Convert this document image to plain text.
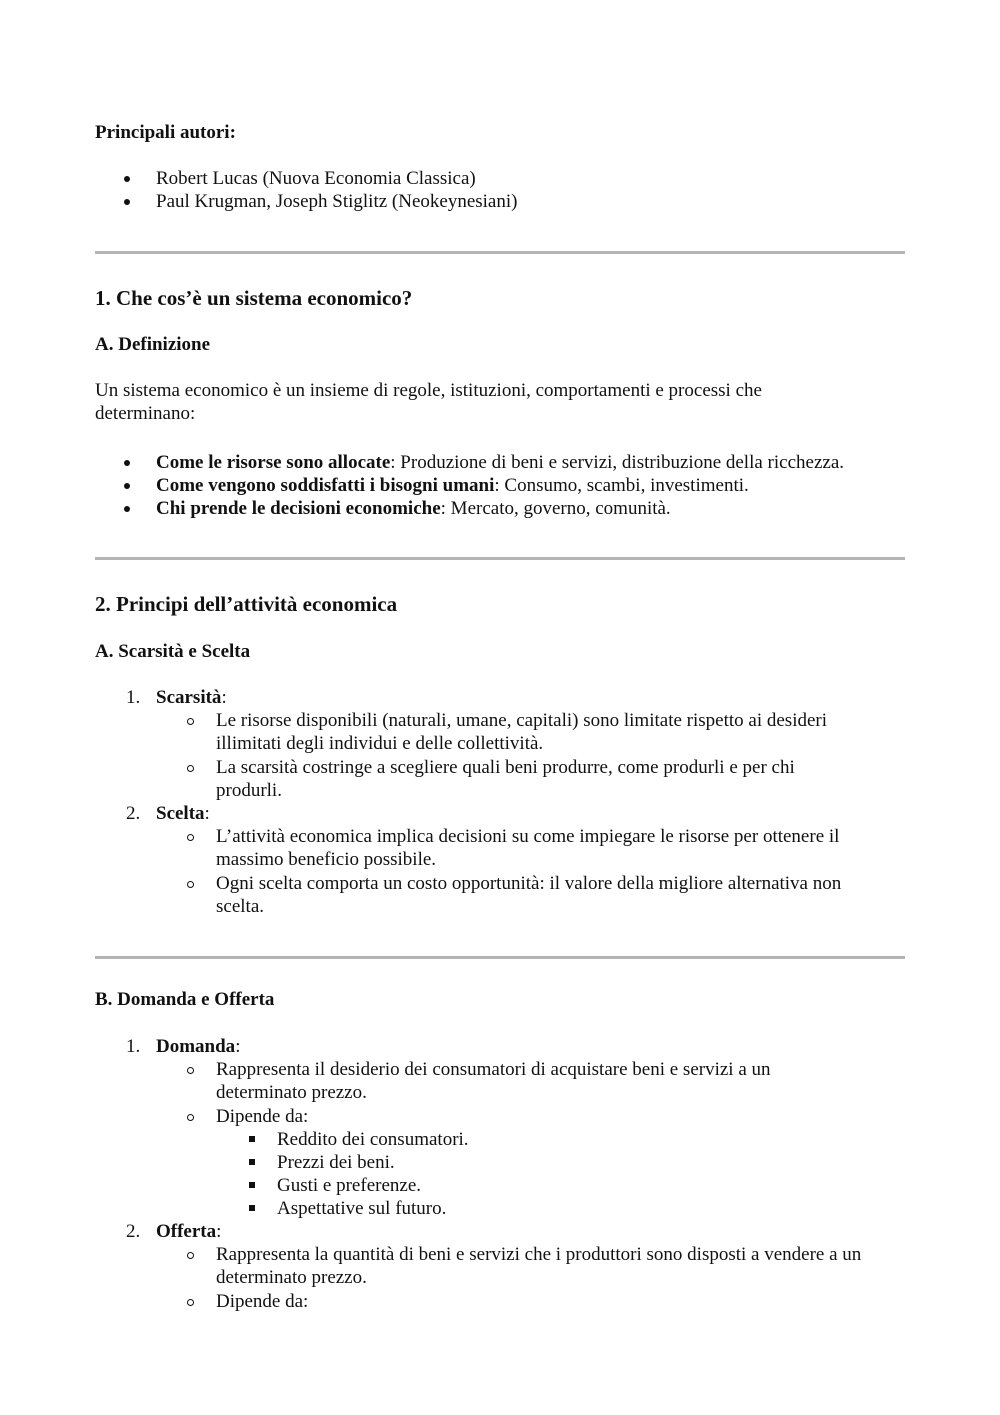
Principali autori:
Robert Lucas (Nuova Economia Classica)
Paul Krugman, Joseph Stiglitz (Neokeynesiani)
1. Che cos’è un sistema economico?
A. Definizione
Un sistema economico è un insieme di regole, istituzioni, comportamenti e processi che
determinano:
Come le risorse sono allocate: Produzione di beni e servizi, distribuzione della ricchezza.
Come vengono soddisfatti i bisogni umani: Consumo, scambi, investimenti.
Chi prende le decisioni economiche: Mercato, governo, comunità.
2. Principi dell’attività economica
A. Scarsità e Scelta
1. Scarsità:
Le risorse disponibili (naturali, umane, capitali) sono limitate rispetto ai desideri
illimitati degli individui e delle collettività.
La scarsità costringe a scegliere quali beni produrre, come produrli e per chi
produrli.
2. Scelta:
L’attività economica implica decisioni su come impiegare le risorse per ottenere il
massimo beneficio possibile.
Ogni scelta comporta un costo opportunità: il valore della migliore alternativa non
scelta.
B. Domanda e Offerta
1. Domanda:
Rappresenta il desiderio dei consumatori di acquistare beni e servizi a un
determinato prezzo.
Dipende da:
Reddito dei consumatori.
Prezzi dei beni.
Gusti e preferenze.
Aspettative sul futuro.
2. Offerta:
Rappresenta la quantità di beni e servizi che i produttori sono disposti a vendere a un
determinato prezzo.
Dipende da:
